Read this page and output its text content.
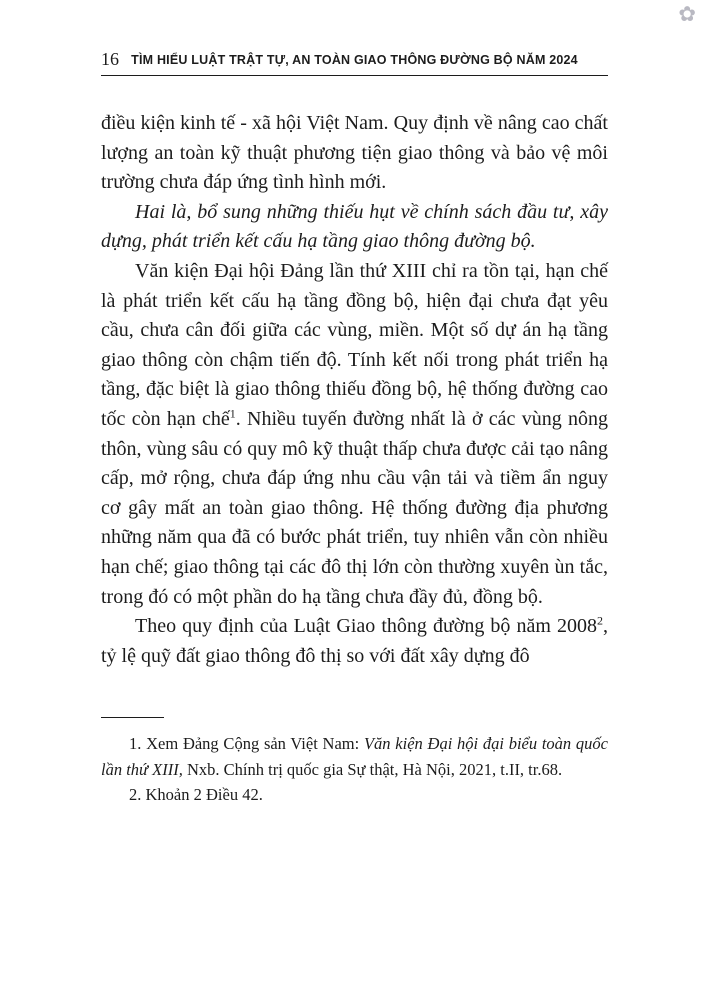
✿
16 TÌM HIỂU LUẬT TRẬT TỰ, AN TOÀN GIAO THÔNG ĐƯỜNG BỘ NĂM 2024

điều kiện kinh tế - xã hội Việt Nam. Quy định về nâng cao chất lượng an toàn kỹ thuật phương tiện giao thông và bảo vệ môi trường chưa đáp ứng tình hình mới.

Hai là, bổ sung những thiếu hụt về chính sách đầu tư, xây dựng, phát triển kết cấu hạ tầng giao thông đường bộ.

Văn kiện Đại hội Đảng lần thứ XIII chỉ ra tồn tại, hạn chế là phát triển kết cấu hạ tầng đồng bộ, hiện đại chưa đạt yêu cầu, chưa cân đối giữa các vùng, miền. Một số dự án hạ tầng giao thông còn chậm tiến độ. Tính kết nối trong phát triển hạ tầng, đặc biệt là giao thông thiếu đồng bộ, hệ thống đường cao tốc còn hạn chế$^1$. Nhiều tuyến đường nhất là ở các vùng nông thôn, vùng sâu có quy mô kỹ thuật thấp chưa được cải tạo nâng cấp, mở rộng, chưa đáp ứng nhu cầu vận tải và tiềm ẩn nguy cơ gây mất an toàn giao thông. Hệ thống đường địa phương những năm qua đã có bước phát triển, tuy nhiên vẫn còn nhiều hạn chế; giao thông tại các đô thị lớn còn thường xuyên ùn tắc, trong đó có một phần do hạ tầng chưa đầy đủ, đồng bộ.

Theo quy định của Luật Giao thông đường bộ năm 2008$^2$, tỷ lệ quỹ đất giao thông đô thị so với đất xây dựng đô

1. Xem Đảng Cộng sản Việt Nam: Văn kiện Đại hội đại biểu toàn quốc lần thứ XIII, Nxb. Chính trị quốc gia Sự thật, Hà Nội, 2021, t.II, tr.68.

2. Khoản 2 Điều 42.
